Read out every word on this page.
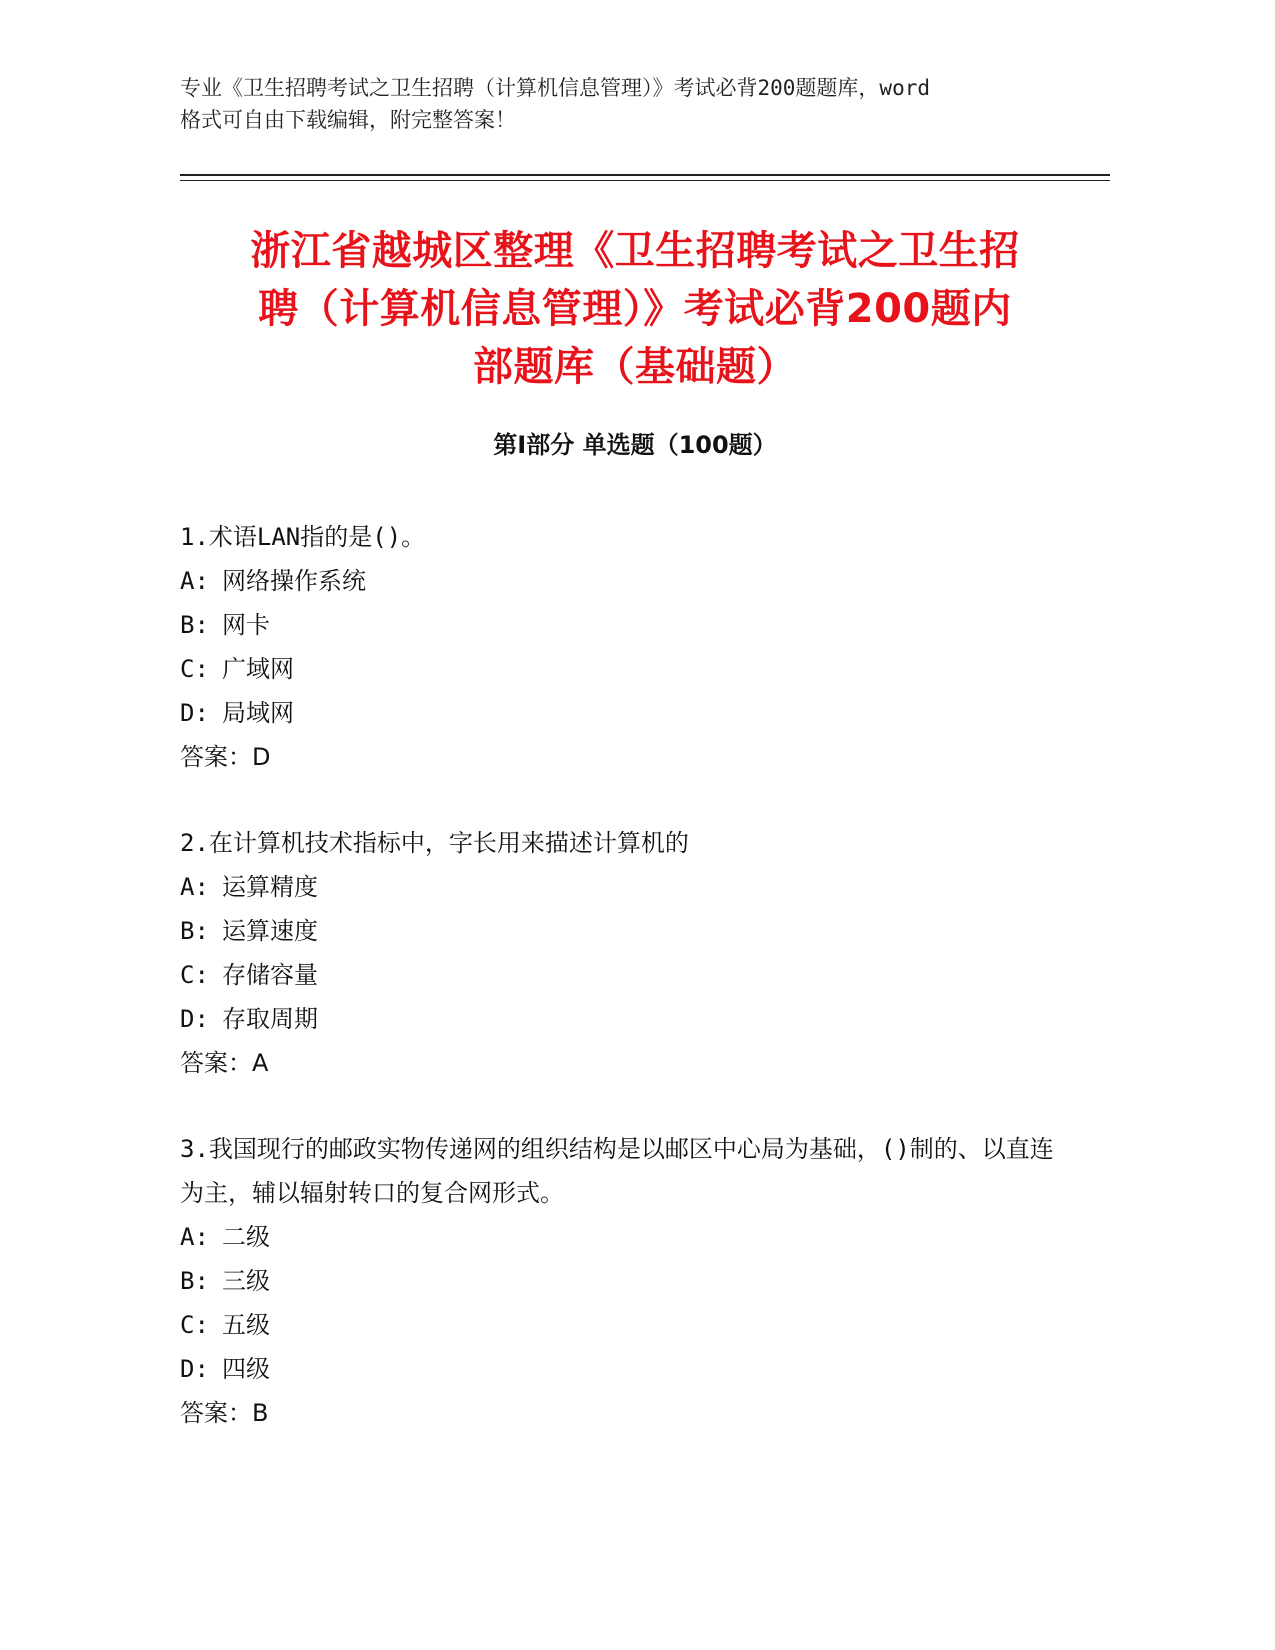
专业《卫生招聘考试之卫生招聘（计算机信息管理）》考试必背200题题库，word
格式可自由下载编辑，附完整答案！
浙江省越城区整理《卫生招聘考试之卫生招
聘（计算机信息管理）》考试必背200题内
部题库（基础题）
第Ⅰ部分 单选题（100题）
1.术语LAN指的是()。
A: 网络操作系统
B: 网卡
C: 广域网
D: 局域网
答案：D
2.在计算机技术指标中，字长用来描述计算机的
A: 运算精度
B: 运算速度
C: 存储容量
D: 存取周期
答案：A
3.我国现行的邮政实物传递网的组织结构是以邮区中心局为基础，()制的、以直连为主，辅以辐射转口的复合网形式。
A: 二级
B: 三级
C: 五级
D: 四级
答案：B
